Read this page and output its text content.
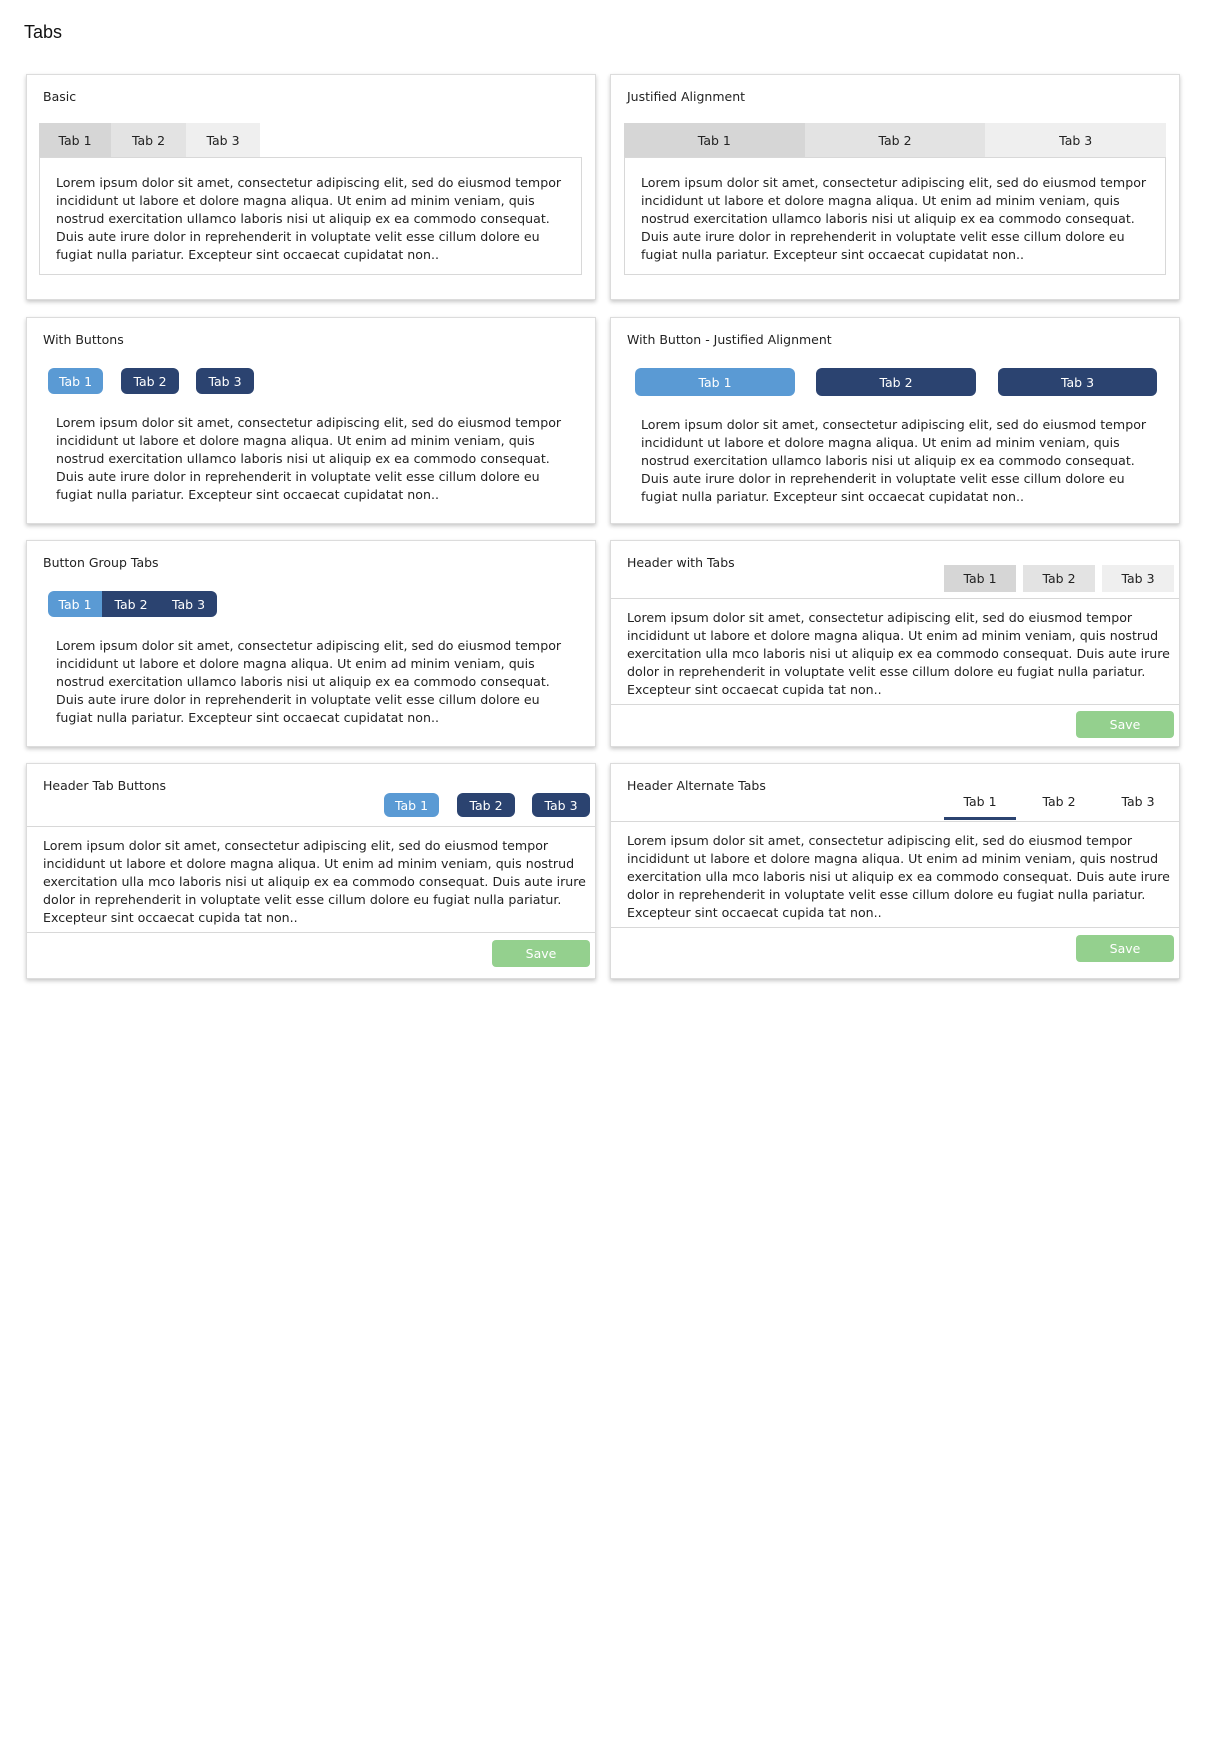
Tabs
Basic
Tab 1	Tab 2	Tab 3
Lorem ipsum dolor sit amet, consectetur adipiscing elit, sed do eiusmod tempor incididunt ut labore et dolore magna aliqua. Ut enim ad minim veniam, quis nostrud exercitation ullamco laboris nisi ut aliquip ex ea commodo consequat. Duis aute irure dolor in reprehenderit in voluptate velit esse cillum dolore eu fugiat nulla pariatur. Excepteur sint occaecat cupidatat non..
Justified Alignment
Tab 1	Tab 2	Tab 3
Lorem ipsum dolor sit amet, consectetur adipiscing elit, sed do eiusmod tempor incididunt ut labore et dolore magna aliqua. Ut enim ad minim veniam, quis nostrud exercitation ullamco laboris nisi ut aliquip ex ea commodo consequat. Duis aute irure dolor in reprehenderit in voluptate velit esse cillum dolore eu fugiat nulla pariatur. Excepteur sint occaecat cupidatat non..
With Buttons
Tab 1	Tab 2	Tab 3
Lorem ipsum dolor sit amet, consectetur adipiscing elit, sed do eiusmod tempor incididunt ut labore et dolore magna aliqua. Ut enim ad minim veniam, quis nostrud exercitation ullamco laboris nisi ut aliquip ex ea commodo consequat. Duis aute irure dolor in reprehenderit in voluptate velit esse cillum dolore eu fugiat nulla pariatur. Excepteur sint occaecat cupidatat non..
With Button - Justified Alignment
Tab 1	Tab 2	Tab 3
Lorem ipsum dolor sit amet, consectetur adipiscing elit, sed do eiusmod tempor incididunt ut labore et dolore magna aliqua. Ut enim ad minim veniam, quis nostrud exercitation ullamco laboris nisi ut aliquip ex ea commodo consequat. Duis aute irure dolor in reprehenderit in voluptate velit esse cillum dolore eu fugiat nulla pariatur. Excepteur sint occaecat cupidatat non..
Button Group Tabs
Tab 1	Tab 2	Tab 3
Lorem ipsum dolor sit amet, consectetur adipiscing elit, sed do eiusmod tempor incididunt ut labore et dolore magna aliqua. Ut enim ad minim veniam, quis nostrud exercitation ullamco laboris nisi ut aliquip ex ea commodo consequat. Duis aute irure dolor in reprehenderit in voluptate velit esse cillum dolore eu fugiat nulla pariatur. Excepteur sint occaecat cupidatat non..
Header with Tabs
Tab 1	Tab 2	Tab 3
Lorem ipsum dolor sit amet, consectetur adipiscing elit, sed do eiusmod tempor incididunt ut labore et dolore magna aliqua. Ut enim ad minim veniam, quis nostrud exercitation ulla mco laboris nisi ut aliquip ex ea commodo consequat. Duis aute irure dolor in reprehenderit in voluptate velit esse cillum dolore eu fugiat nulla pariatur. Excepteur sint occaecat cupida tat non..
Save
Header Tab Buttons
Tab 1	Tab 2	Tab 3
Lorem ipsum dolor sit amet, consectetur adipiscing elit, sed do eiusmod tempor incididunt ut labore et dolore magna aliqua. Ut enim ad minim veniam, quis nostrud exercitation ulla mco laboris nisi ut aliquip ex ea commodo consequat. Duis aute irure dolor in reprehenderit in voluptate velit esse cillum dolore eu fugiat nulla pariatur. Excepteur sint occaecat cupida tat non..
Save
Header Alternate Tabs
Tab 1	Tab 2	Tab 3
Lorem ipsum dolor sit amet, consectetur adipiscing elit, sed do eiusmod tempor incididunt ut labore et dolore magna aliqua. Ut enim ad minim veniam, quis nostrud exercitation ulla mco laboris nisi ut aliquip ex ea commodo consequat. Duis aute irure dolor in reprehenderit in voluptate velit esse cillum dolore eu fugiat nulla pariatur. Excepteur sint occaecat cupida tat non..
Save
